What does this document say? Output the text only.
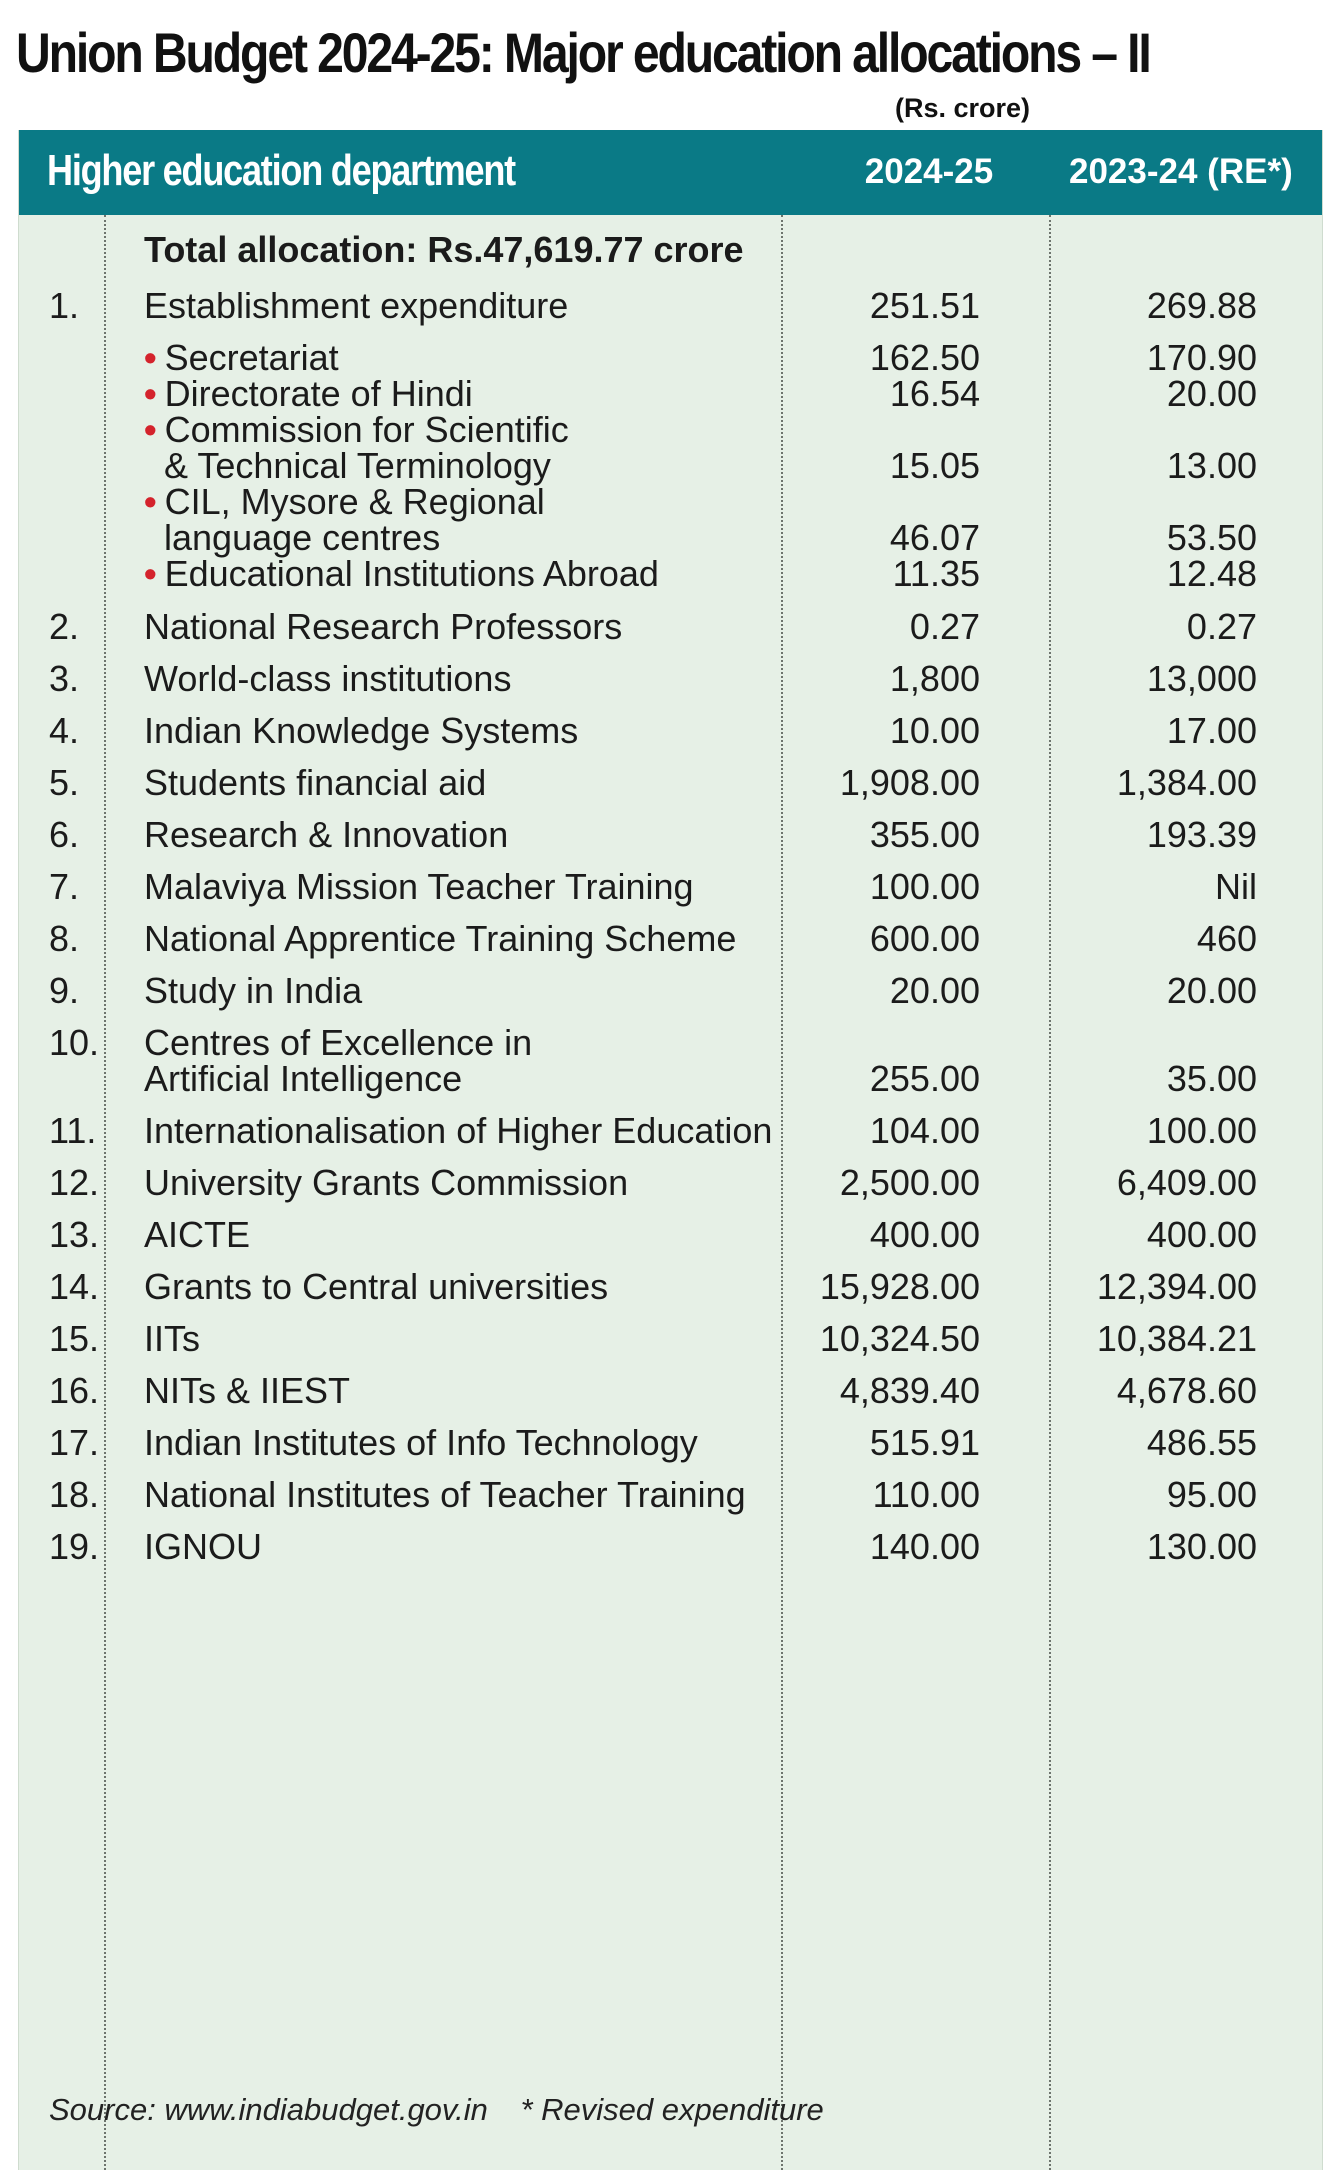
Union Budget 2024-25: Major education allocations – II
(Rs. crore)
Higher education department	2024-25	2023-24 (RE*)
Total allocation: Rs.47,619.77 crore
1. Establishment expenditure	251.51	269.88
• Secretariat	162.50	170.90
• Directorate of Hindi	16.54	20.00
• Commission for Scientific
& Technical Terminology	15.05	13.00
• CIL, Mysore & Regional
language centres	46.07	53.50
• Educational Institutions Abroad	11.35	12.48
2. National Research Professors	0.27	0.27
3. World-class institutions	1,800	13,000
4. Indian Knowledge Systems	10.00	17.00
5. Students financial aid	1,908.00	1,384.00
6. Research & Innovation	355.00	193.39
7. Malaviya Mission Teacher Training	100.00	Nil
8. National Apprentice Training Scheme	600.00	460
9. Study in India	20.00	20.00
10. Centres of Excellence in
Artificial Intelligence	255.00	35.00
11. Internationalisation of Higher Education	104.00	100.00
12. University Grants Commission	2,500.00	6,409.00
13. AICTE	400.00	400.00
14. Grants to Central universities	15,928.00	12,394.00
15. IITs	10,324.50	10,384.21
16. NITs & IIEST	4,839.40	4,678.60
17. Indian Institutes of Info Technology	515.91	486.55
18. National Institutes of Teacher Training	110.00	95.00
19. IGNOU	140.00	130.00
Source: www.indiabudget.gov.in * Revised expenditure
